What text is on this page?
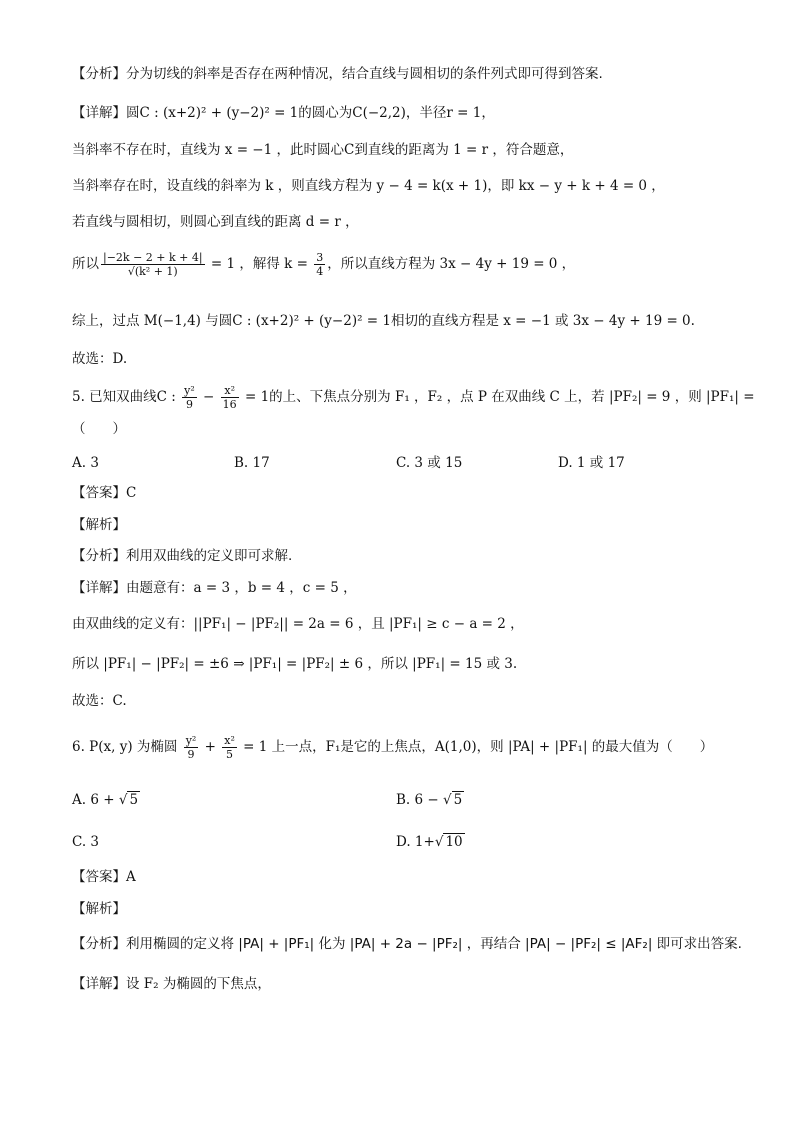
【分析】分为切线的斜率是否存在两种情况，结合直线与圆相切的条件列式即可得到答案.
【详解】圆C : (x+2)² + (y−2)² = 1的圆心为C(−2,2)，半径r = 1，
当斜率不存在时，直线为 x = −1 ，此时圆心C到直线的距离为 1 = r ，符合题意，
当斜率存在时，设直线的斜率为 k ，则直线方程为 y − 4 = k(x + 1)，即 kx − y + k + 4 = 0 ，
若直线与圆相切，则圆心到直线的距离 d = r ，
所以 $\frac{|-2k - 2 + k + 4|}{\text{√(k² + 1)}} = 1$ ，解得 $k = \frac{3}{4}$ ，所以直线方程为 3x − 4y + 19 = 0 ，
综上，过点 M(−1,4) 与圆C : (x+2)² + (y−2)² = 1相切的直线方程是 x = −1 或 3x − 4y + 19 = 0.
故选：D.
5. 已知双曲线C : $\frac{\text{y²}}{9} - \frac{\text{x²}}{16} = 1$的上、下焦点分别为 F₁ ，F₂ ，点 P 在双曲线 C 上，若 |PF₂| = 9 ，则 |PF₁| =
（　　）
A. 3	B. 17	C. 3 或 15	D. 1 或 17
【答案】C
【解析】
【分析】利用双曲线的定义即可求解.
【详解】由题意有：a = 3 ，b = 4 ，c = 5 ，
由双曲线的定义有：||PF₁| − |PF₂|| = 2a = 6 ，且 |PF₁| ≥ c − a = 2 ，
所以 |PF₁| − |PF₂| = ±6 ⇒ |PF₁| = |PF₂| ± 6 ，所以 |PF₁| = 15 或 3.
故选：C.
6. P(x, y) 为椭圆 $\frac{\text{y²}}{9} + \frac{\text{x²}}{5} = 1$ 上一点，F₁是它的上焦点，A(1,0)，则 |PA| + |PF₁| 的最大值为（　　）
A. 6 + √ 5	B. 6 − √ 5
C. 3	D. 1+√ 10
【答案】A
【解析】
【分析】利用椭圆的定义将 |PA| + |PF₁| 化为 |PA| + 2a − |PF₂| ，再结合 |PA| − |PF₂| ≤ |AF₂| 即可求出答案.
【详解】设 F₂ 为椭圆的下焦点，
